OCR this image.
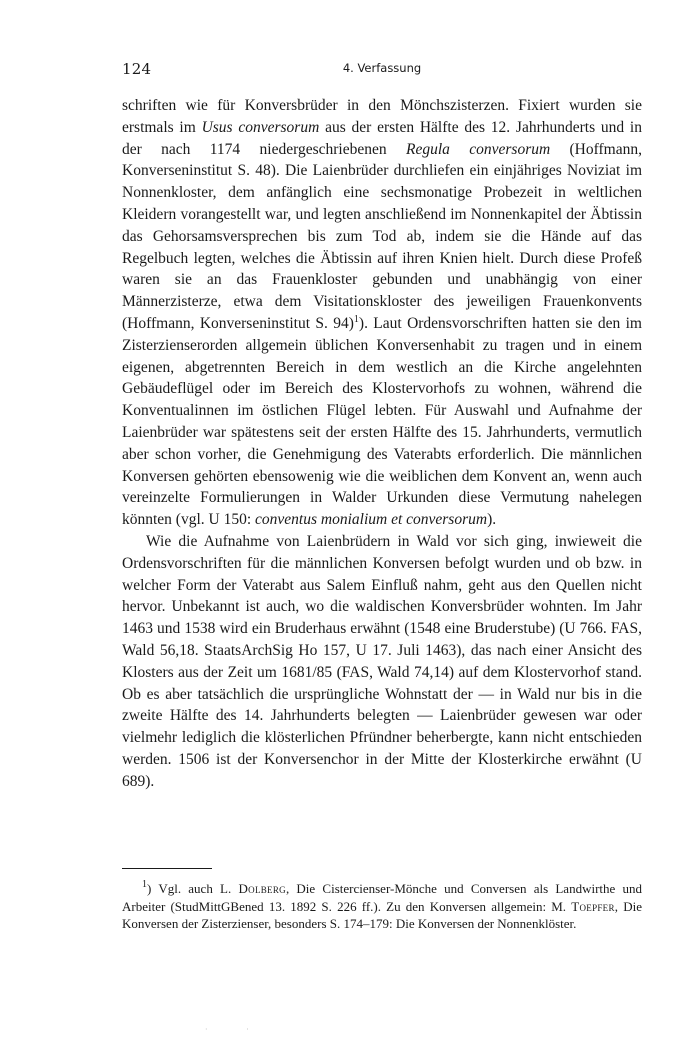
124	4. Verfassung

schriften wie für Konversbrüder in den Mönchszisterzen. Fixiert wurden sie erstmals im Usus conversorum aus der ersten Hälfte des 12. Jahrhunderts und in der nach 1174 niedergeschriebenen Regula conversorum (Hoffmann, Konverseninstitut S. 48). Die Laienbrüder durchliefen ein einjähriges Noviziat im Nonnenkloster, dem anfänglich eine sechsmonatige Probezeit in weltlichen Kleidern vorangestellt war, und legten anschließend im Nonnenkapitel der Äbtissin das Gehorsamsversprechen bis zum Tod ab, indem sie die Hände auf das Regelbuch legten, welches die Äbtissin auf ihren Knien hielt. Durch diese Profeß waren sie an das Frauenkloster gebunden und unabhängig von einer Männerzisterze, etwa dem Visitationskloster des jeweiligen Frauenkonvents (Hoffmann, Konverseninstitut S. 94)$^1$). Laut Ordensvorschriften hatten sie den im Zisterzienserorden allgemein üblichen Konversenhabit zu tragen und in einem eigenen, abgetrennten Bereich in dem westlich an die Kirche angelehnten Gebäudeflügel oder im Bereich des Klostervorhofs zu wohnen, während die Konventualinnen im östlichen Flügel lebten. Für Auswahl und Aufnahme der Laienbrüder war spätestens seit der ersten Hälfte des 15. Jahrhunderts, vermutlich aber schon vorher, die Genehmigung des Vaterabts erforderlich. Die männlichen Konversen gehörten ebensowenig wie die weiblichen dem Konvent an, wenn auch vereinzelte Formulierungen in Walder Urkunden diese Vermutung nahelegen könnten (vgl. U 150: conventus monialium et conversorum).

Wie die Aufnahme von Laienbrüdern in Wald vor sich ging, inwieweit die Ordensvorschriften für die männlichen Konversen befolgt wurden und ob bzw. in welcher Form der Vaterabt aus Salem Einfluß nahm, geht aus den Quellen nicht hervor. Unbekannt ist auch, wo die waldischen Konversbrüder wohnten. Im Jahr 1463 und 1538 wird ein Bruderhaus erwähnt (1548 eine Bruderstube) (U 766. FAS, Wald 56,18. StaatsArchSig Ho 157, U 17. Juli 1463), das nach einer Ansicht des Klosters aus der Zeit um 1681/85 (FAS, Wald 74,14) auf dem Klostervorhof stand. Ob es aber tatsächlich die ursprüngliche Wohnstatt der — in Wald nur bis in die zweite Hälfte des 14. Jahrhunderts belegten — Laienbrüder gewesen war oder vielmehr lediglich die klösterlichen Pfründner beherbergte, kann nicht entschieden werden. 1506 ist der Konversenchor in der Mitte der Klosterkirche erwähnt (U 689).

$^1$) Vgl. auch L. Dolberg, Die Cistercienser-Mönche und Conversen als Landwirthe und Arbeiter (StudMittGBened 13. 1892 S. 226 ff.). Zu den Konversen allgemein: M. Toepfer, Die Konversen der Zisterzienser, besonders S. 174–179: Die Konversen der Nonnenklöster.

· ·
